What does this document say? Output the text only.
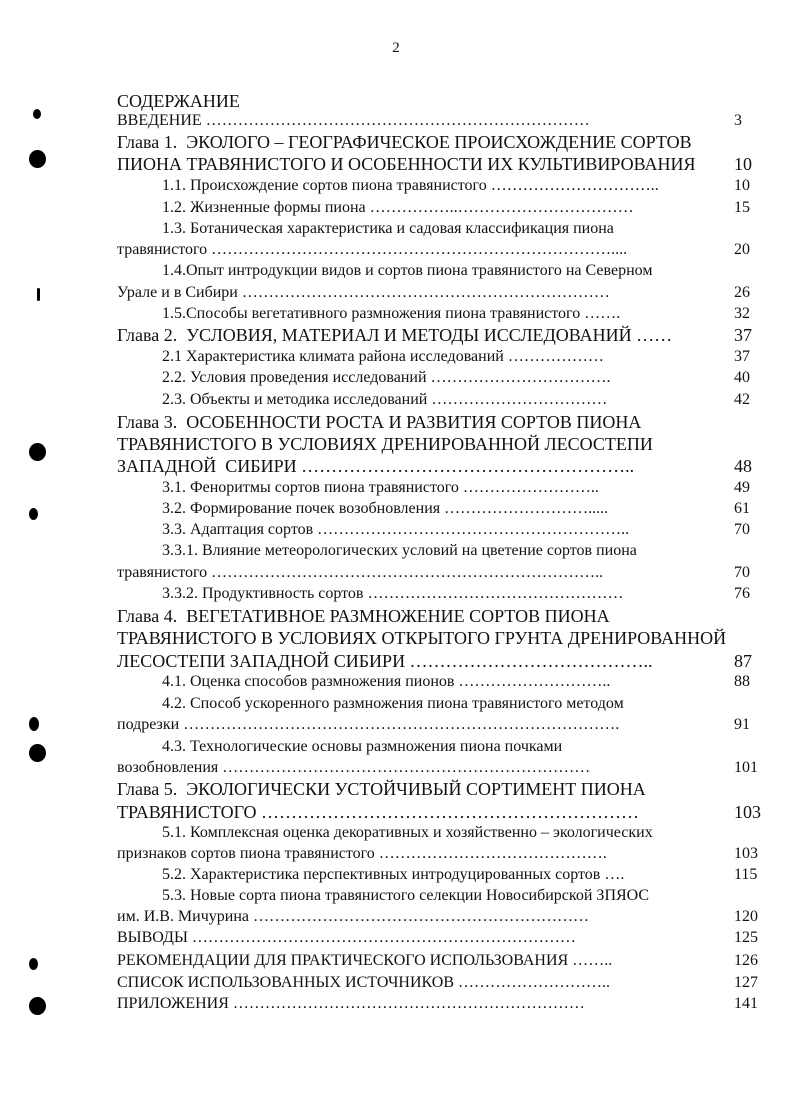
2
СОДЕРЖАНИЕ
ВВЕДЕНИЕ ………………………………………………………………	3
Глава 1.  ЭКОЛОГО – ГЕОГРАФИЧЕСКОЕ ПРОИСХОЖДЕНИЕ СОРТОВ
ПИОНА ТРАВЯНИСТОГО И ОСОБЕННОСТИ ИХ КУЛЬТИВИРОВАНИЯ 10
1.1. Происхождение сортов пиона травянистого …………………………..	10
1.2. Жизненные формы пиона ……………..……………………………	15
1.3. Ботаническая характеристика и садовая классификация пиона
травянистого …………………………………………………………………....	20
1.4.Опыт интродукции видов и сортов пиона травянистого на Северном
Урале и в Сибири ……………………………………………………………	26
1.5.Способы вегетативного размножения пиона травянистого …….	32
Глава 2.  УСЛОВИЯ, МАТЕРИАЛ И МЕТОДЫ ИССЛЕДОВАНИЙ ……	37
2.1 Характеристика климата района исследований ………………	37
2.2. Условия проведения исследований …………………………….	40
2.3. Объекты и методика исследований ……………………………	42
Глава 3.  ОСОБЕННОСТИ РОСТА И РАЗВИТИЯ СОРТОВ ПИОНА
ТРАВЯНИСТОГО В УСЛОВИЯХ ДРЕНИРОВАННОЙ ЛЕСОСТЕПИ
ЗАПАДНОЙ  СИБИРИ ………………………………………………..	48
3.1. Феноритмы сортов пиона травянистого ……………………..	49
3.2. Формирование почек возобновления ……………………….....	61
3.3. Адаптация сортов …………………………………………………..	70
3.3.1. Влияние метеорологических условий на цветение сортов пиона
травянистого ………………………………………………………………..	70
3.3.2. Продуктивность сортов …………………………………………	76
Глава 4.  ВЕГЕТАТИВНОЕ РАЗМНОЖЕНИЕ СОРТОВ ПИОНА
ТРАВЯНИСТОГО В УСЛОВИЯХ ОТКРЫТОГО ГРУНТА ДРЕНИРОВАННОЙ
ЛЕСОСТЕПИ ЗАПАДНОЙ СИБИРИ …………………………………..	87
4.1. Оценка способов размножения пионов ………………………..	88
4.2. Способ ускоренного размножения пиона травянистого методом
подрезки ……………………………………………………………………….	91
4.3. Технологические основы размножения пиона почками
возобновления ……………………………………………………………	101
Глава 5.  ЭКОЛОГИЧЕСКИ УСТОЙЧИВЫЙ СОРТИМЕНТ ПИОНА
ТРАВЯНИСТОГО ………………………………………………………	103
5.1. Комплексная оценка декоративных и хозяйственно – экологических
признаков сортов пиона травянистого …………………………………….	103
5.2. Характеристика перспективных интродуцированных сортов ….	115
5.3. Новые сорта пиона травянистого селекции Новосибирской ЗПЯОС
им. И.В. Мичурина ………………………………………………………	120
ВЫВОДЫ ………………………………………………………………	125
РЕКОМЕНДАЦИИ ДЛЯ ПРАКТИЧЕСКОГО ИСПОЛЬЗОВАНИЯ ……..	126
СПИСОК ИСПОЛЬЗОВАННЫХ ИСТОЧНИКОВ ………………………..	127
ПРИЛОЖЕНИЯ …………………………………………………………	141
